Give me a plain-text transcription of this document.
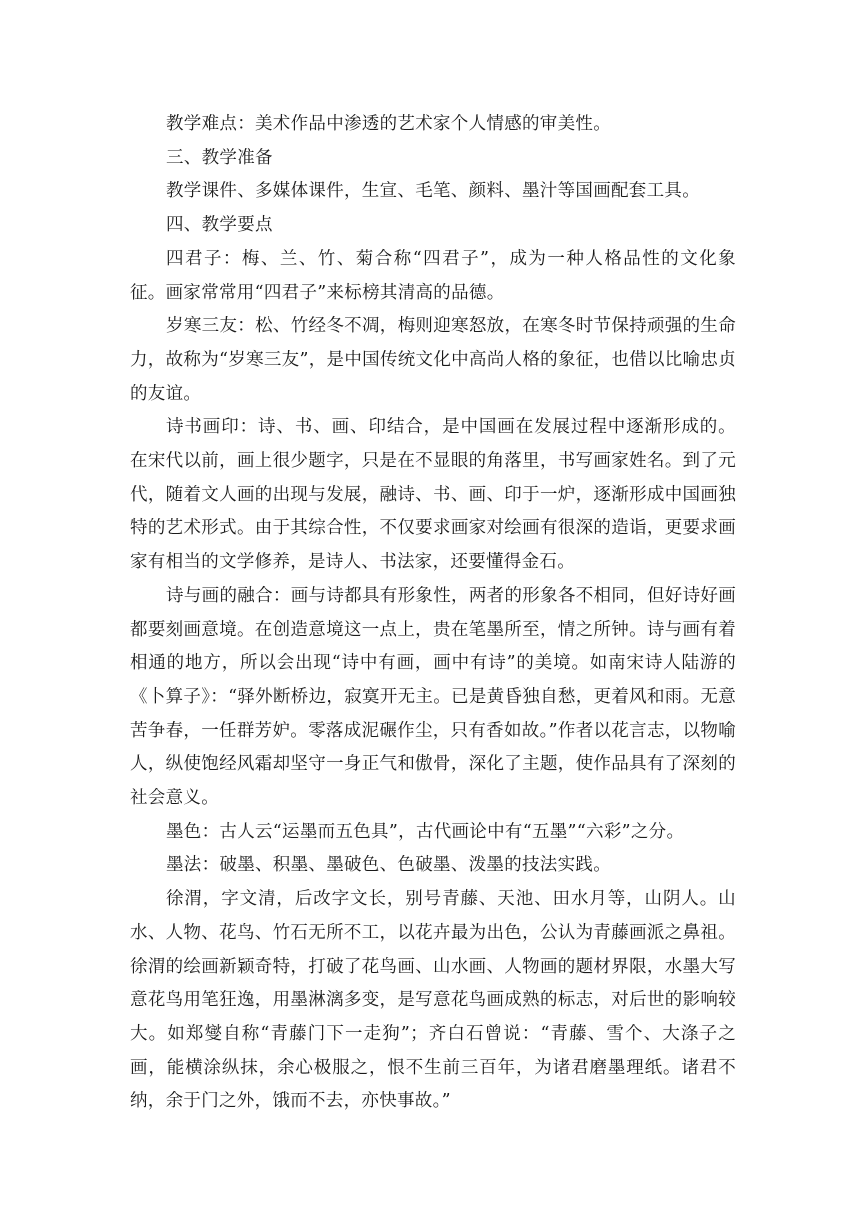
教学难点：美术作品中渗透的艺术家个人情感的审美性。

三、教学准备

教学课件、多媒体课件，生宣、毛笔、颜料、墨汁等国画配套工具。

四、教学要点

四君子：梅、兰、竹、菊合称“四君子”，成为一种人格品性的文化象征。画家常常用“四君子”来标榜其清高的品德。

岁寒三友：松、竹经冬不凋，梅则迎寒怒放，在寒冬时节保持顽强的生命力，故称为“岁寒三友”，是中国传统文化中高尚人格的象征，也借以比喻忠贞的友谊。

诗书画印：诗、书、画、印结合，是中国画在发展过程中逐渐形成的。 在宋代以前，画上很少题字，只是在不显眼的角落里，书写画家姓名。到了元代，随着文人画的出现与发展，融诗、书、画、印于一炉，逐渐形成中国画独特的艺术形式。由于其综合性，不仅要求画家对绘画有很深的造诣，更要求画家有相当的文学修养，是诗人、书法家，还要懂得金石。

诗与画的融合：画与诗都具有形象性，两者的形象各不相同，但好诗好画都要刻画意境。在创造意境这一点上，贵在笔墨所至，情之所钟。诗与画有着相通的地方，所以会出现“诗中有画，画中有诗”的美境。如南宋诗人陆游的《卜算子》：“驿外断桥边，寂寞开无主。已是黄昏独自愁，更着风和雨。无意苦争春，一任群芳妒。零落成泥碾作尘，只有香如故。”作者以花言志，以物喻人，纵使饱经风霜却坚守一身正气和傲骨，深化了主题，使作品具有了深刻的社会意义。

墨色：古人云“运墨而五色具”，古代画论中有“五墨”“六彩”之分。

墨法：破墨、积墨、墨破色、色破墨、泼墨的技法实践。

徐渭，字文清，后改字文长，别号青藤、天池、田水月等，山阴人。山水、人物、花鸟、竹石无所不工，以花卉最为出色，公认为青藤画派之鼻祖。徐渭的绘画新颖奇特，打破了花鸟画、山水画、人物画的题材界限，水墨大写意花鸟用笔狂逸，用墨淋漓多变，是写意花鸟画成熟的标志，对后世的影响较大。如郑燮自称“青藤门下一走狗”；齐白石曾说：“青藤、雪个、大涤子之画，能横涂纵抹，余心极服之，恨不生前三百年，为诸君磨墨理纸。诸君不纳，余于门之外，饿而不去，亦快事故。”
